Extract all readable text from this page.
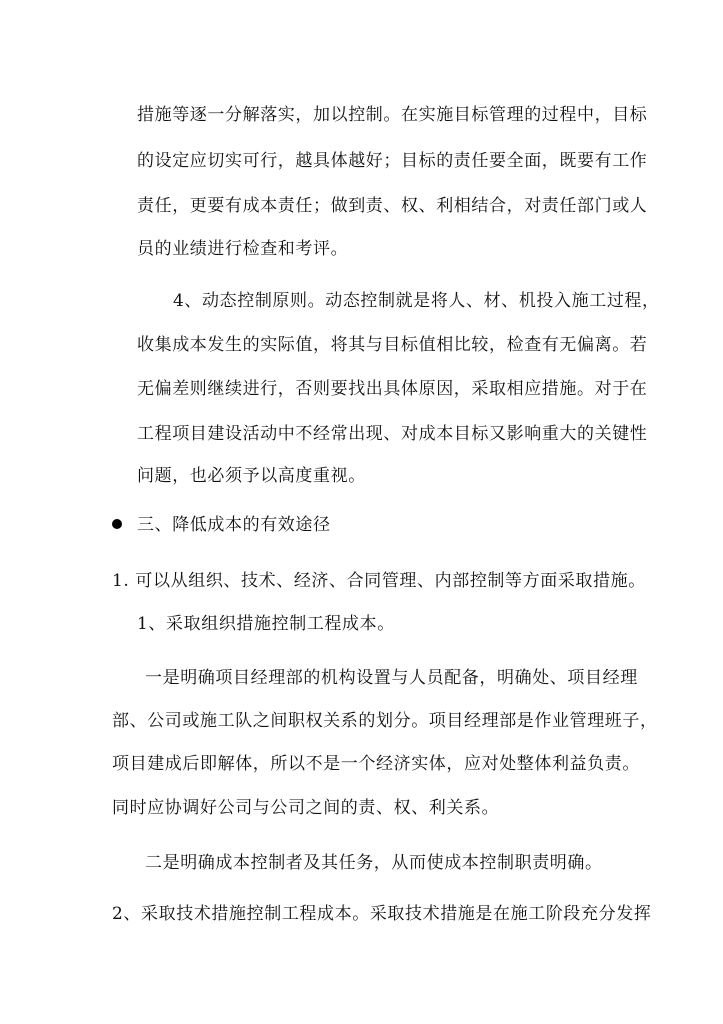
措施等逐一分解落实，加以控制。在实施目标管理的过程中，目标
的设定应切实可行，越具体越好；目标的责任要全面，既要有工作
责任，更要有成本责任；做到责、权、利相结合，对责任部门或人
员的业绩进行检查和考评。
4、动态控制原则。动态控制就是将人、材、机投入施工过程，
收集成本发生的实际值，将其与目标值相比较，检查有无偏离。若
无偏差则继续进行，否则要找出具体原因，采取相应措施。对于在
工程项目建设活动中不经常出现、对成本目标又影响重大的关键性
问题，也必须予以高度重视。
三、降低成本的有效途径
1. 可以从组织、技术、经济、合同管理、内部控制等方面采取措施。
1、采取组织措施控制工程成本。
一是明确项目经理部的机构设置与人员配备，明确处、项目经理
部、公司或施工队之间职权关系的划分。项目经理部是作业管理班子，
项目建成后即解体，所以不是一个经济实体，应对处整体利益负责。
同时应协调好公司与公司之间的责、权、利关系。
二是明确成本控制者及其任务，从而使成本控制职责明确。
2、采取技术措施控制工程成本。采取技术措施是在施工阶段充分发挥
